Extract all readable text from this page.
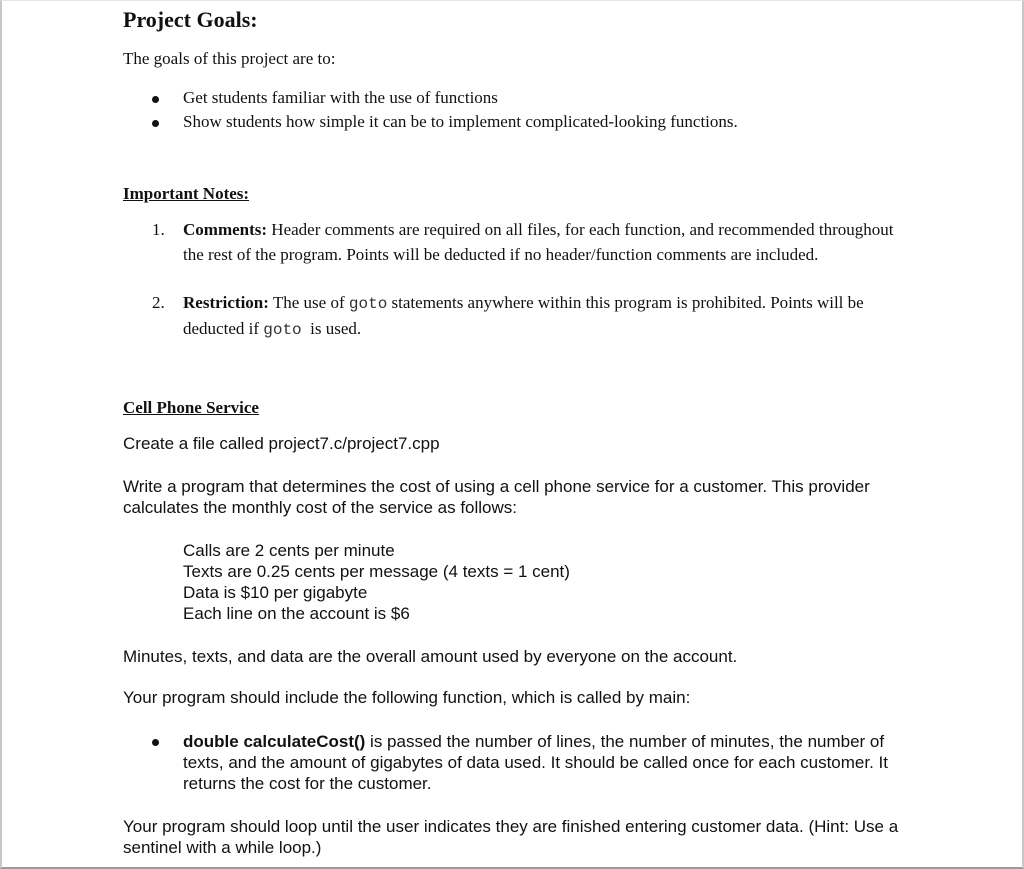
Project Goals:

The goals of this project are to:

Get students familiar with the use of functions

Show students how simple it can be to implement complicated-looking functions.

Important Notes:
1. Comments: Header comments are required on all files, for each function, and recommended throughout the rest of the program. Points will be deducted if no header/function comments are included.

2. Restriction: The use of goto statements anywhere within this program is prohibited. Points will be deducted if goto is used.

Cell Phone Service

Create a file called project7.c/project7.cpp

Write a program that determines the cost of using a cell phone service for a customer. This provider calculates the monthly cost of the service as follows:

Calls are 2 cents per minute
Texts are 0.25 cents per message (4 texts = 1 cent)
Data is $10 per gigabyte
Each line on the account is $6

Minutes, texts, and data are the overall amount used by everyone on the account.

Your program should include the following function, which is called by main:

double calculateCost() is passed the number of lines, the number of minutes, the number of texts, and the amount of gigabytes of data used. It should be called once for each customer. It returns the cost for the customer.

Your program should loop until the user indicates they are finished entering customer data. (Hint: Use a sentinel with a while loop.)
